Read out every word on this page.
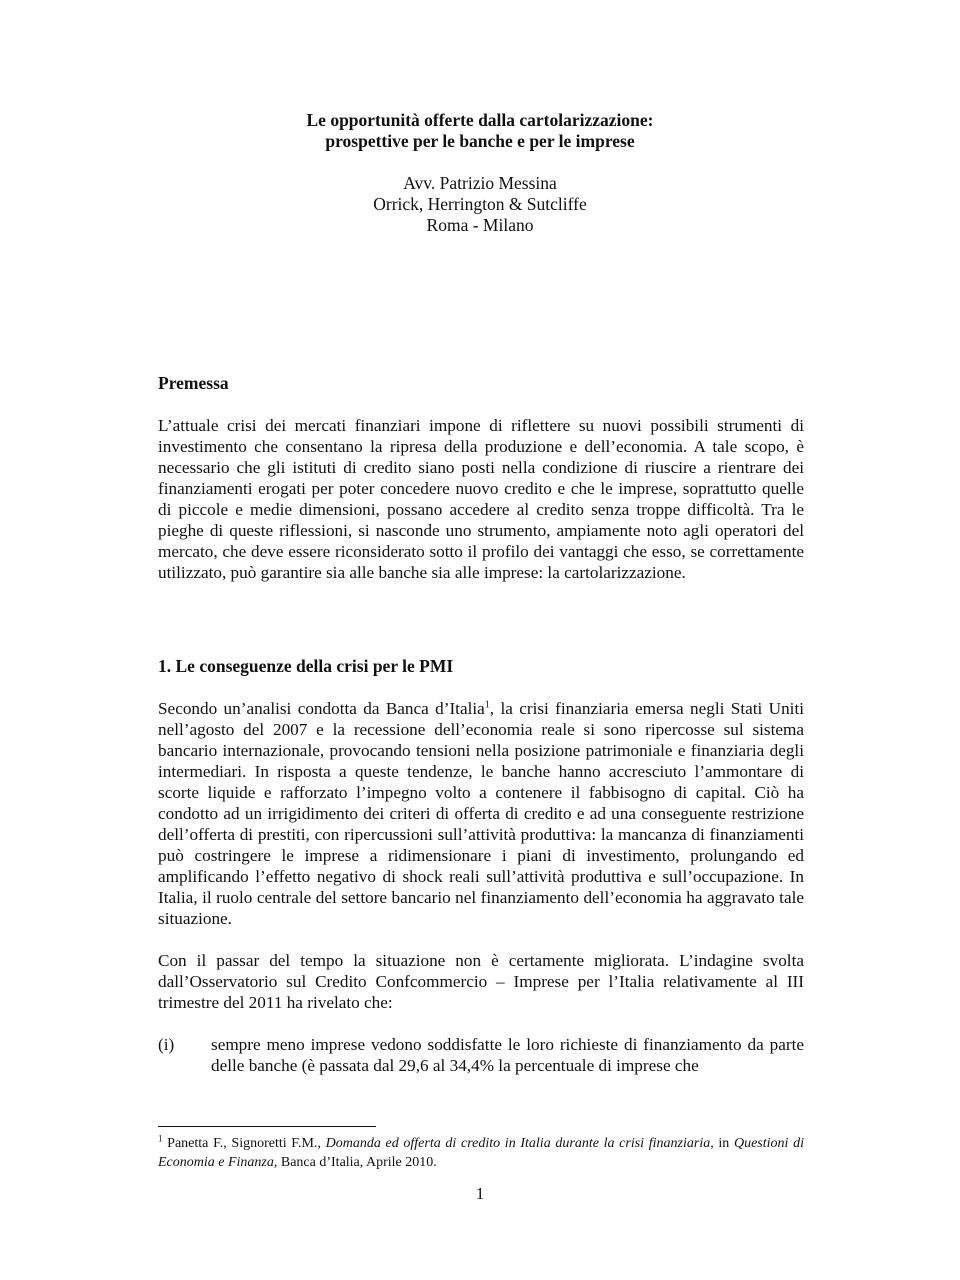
Le opportunità offerte dalla cartolarizzazione:
prospettive per le banche e per le imprese
Avv. Patrizio Messina
Orrick, Herrington & Sutcliffe
Roma - Milano
Premessa

L’attuale crisi dei mercati finanziari impone di riflettere su nuovi possibili strumenti di investimento che consentano la ripresa della produzione e dell’economia. A tale scopo, è necessario che gli istituti di credito siano posti nella condizione di riuscire a rientrare dei finanziamenti erogati per poter concedere nuovo credito e che le imprese, soprattutto quelle di piccole e medie dimensioni, possano accedere al credito senza troppe difficoltà. Tra le pieghe di queste riflessioni, si nasconde uno strumento, ampiamente noto agli operatori del mercato, che deve essere riconsiderato sotto il profilo dei vantaggi che esso, se correttamente utilizzato, può garantire sia alle banche sia alle imprese: la cartolarizzazione.

1. Le conseguenze della crisi per le PMI

Secondo un’analisi condotta da Banca d’Italia$^1$, la crisi finanziaria emersa negli Stati Uniti nell’agosto del 2007 e la recessione dell’economia reale si sono ripercosse sul sistema bancario internazionale, provocando tensioni nella posizione patrimoniale e finanziaria degli intermediari. In risposta a queste tendenze, le banche hanno accresciuto l’ammontare di scorte liquide e rafforzato l’impegno volto a contenere il fabbisogno di capital. Ciò ha condotto ad un irrigidimento dei criteri di offerta di credito e ad una conseguente restrizione dell’offerta di prestiti, con ripercussioni sull’attività produttiva: la mancanza di finanziamenti può costringere le imprese a ridimensionare i piani di investimento, prolungando ed amplificando l’effetto negativo di shock reali sull’attività produttiva e sull’occupazione. In Italia, il ruolo centrale del settore bancario nel finanziamento dell’economia ha aggravato tale situazione.

Con il passar del tempo la situazione non è certamente migliorata. L’indagine svolta dall’Osservatorio sul Credito Confcommercio – Imprese per l’Italia relativamente al III trimestre del 2011 ha rivelato che:

(i)	sempre meno imprese vedono soddisfatte le loro richieste di finanziamento da parte delle banche (è passata dal 29,6 al 34,4% la percentuale di imprese che
$^1$ Panetta F., Signoretti F.M., Domanda ed offerta di credito in Italia durante la crisi finanziaria, in Questioni di Economia e Finanza, Banca d’Italia, Aprile 2010.
1
